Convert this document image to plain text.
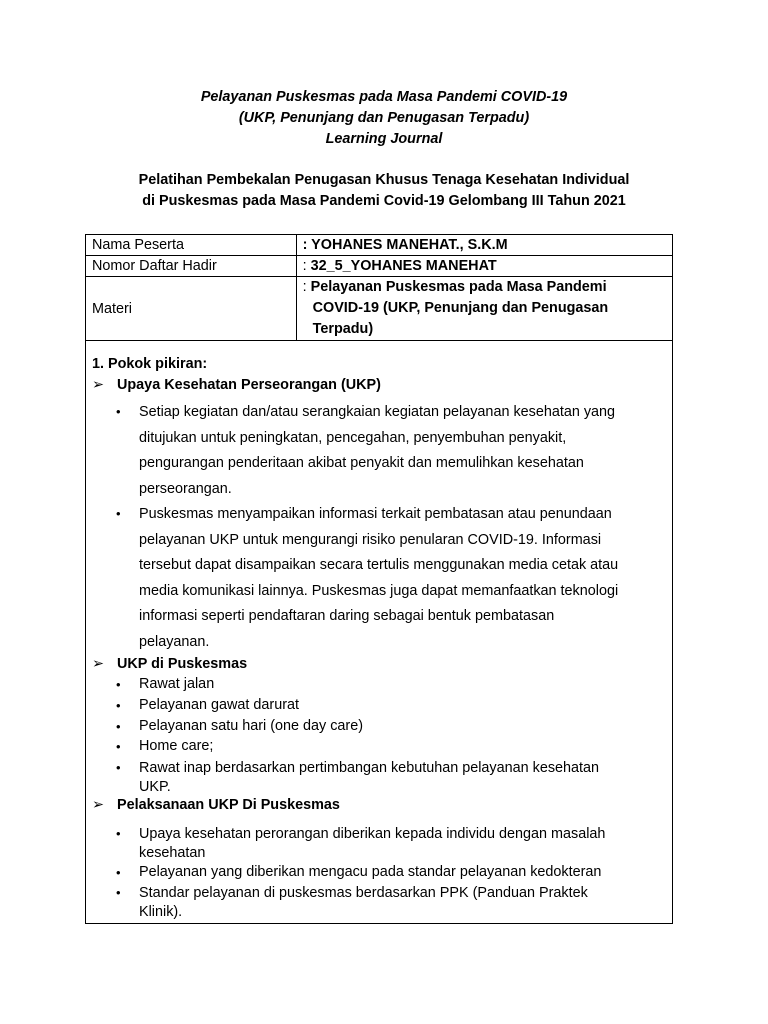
Pelayanan Puskesmas pada Masa Pandemi COVID-19
(UKP, Penunjang dan Penugasan Terpadu)
Learning Journal
Pelatihan Pembekalan Penugasan Khusus Tenaga Kesehatan Individual
di Puskesmas pada Masa Pandemi Covid-19 Gelombang III Tahun 2021
Nama Peserta	: YOHANES MANEHAT., S.K.M
Nomor Daftar Hadir	: 32_5_YOHANES MANEHAT
Materi	: Pelayanan Puskesmas pada Masa Pandemi
COVID-19 (UKP, Penunjang dan Penugasan
Terpadu)
1. Pokok pikiran:
➢ Upaya Kesehatan Perseorangan (UKP)
• Setiap kegiatan dan/atau serangkaian kegiatan pelayanan kesehatan yang
ditujukan untuk peningkatan, pencegahan, penyembuhan penyakit,
pengurangan penderitaan akibat penyakit dan memulihkan kesehatan
perseorangan.
• Puskesmas menyampaikan informasi terkait pembatasan atau penundaan
pelayanan UKP untuk mengurangi risiko penularan COVID-19. Informasi
tersebut dapat disampaikan secara tertulis menggunakan media cetak atau
media komunikasi lainnya. Puskesmas juga dapat memanfaatkan teknologi
informasi seperti pendaftaran daring sebagai bentuk pembatasan
pelayanan.
➢ UKP di Puskesmas
• Rawat jalan
• Pelayanan gawat darurat
• Pelayanan satu hari (one day care)
• Home care;
• Rawat inap berdasarkan pertimbangan kebutuhan pelayanan kesehatan
UKP.
➢ Pelaksanaan UKP Di Puskesmas
• Upaya kesehatan perorangan diberikan kepada individu dengan masalah
kesehatan
• Pelayanan yang diberikan mengacu pada standar pelayanan kedokteran
• Standar pelayanan di puskesmas berdasarkan PPK (Panduan Praktek
Klinik).
